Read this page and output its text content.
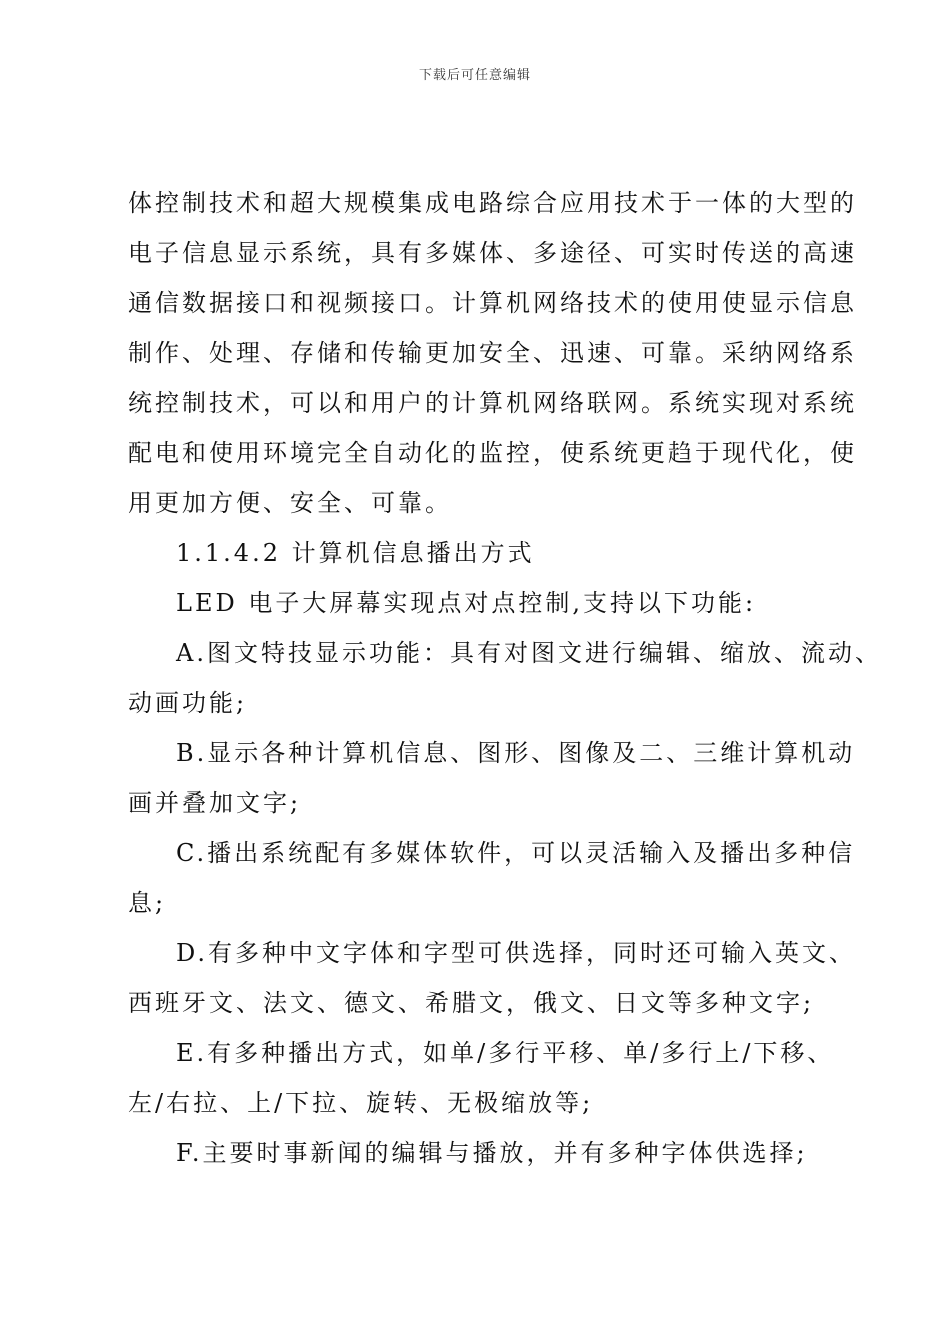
下载后可任意编辑
体控制技术和超大规模集成电路综合应用技术于一体的大型的
电子信息显示系统，具有多媒体、多途径、可实时传送的高速
通信数据接口和视频接口。计算机网络技术的使用使显示信息
制作、处理、存储和传输更加安全、迅速、可靠。采纳网络系
统控制技术，可以和用户的计算机网络联网。系统实现对系统
配电和使用环境完全自动化的监控，使系统更趋于现代化，使
用更加方便、安全、可靠。
1.1.4.2 计算机信息播出方式
LED 电子大屏幕实现点对点控制,支持以下功能:
A.图文特技显示功能：具有对图文进行编辑、缩放、流动、
动画功能;
B.显示各种计算机信息、图形、图像及二、三维计算机动
画并叠加文字;
C.播出系统配有多媒体软件，可以灵活输入及播出多种信
息;
D.有多种中文字体和字型可供选择，同时还可输入英文、
西班牙文、法文、德文、希腊文，俄文、日文等多种文字;
E.有多种播出方式，如单/多行平移、单/多行上/下移、
左/右拉、上/下拉、旋转、无极缩放等;
F.主要时事新闻的编辑与播放，并有多种字体供选择;
